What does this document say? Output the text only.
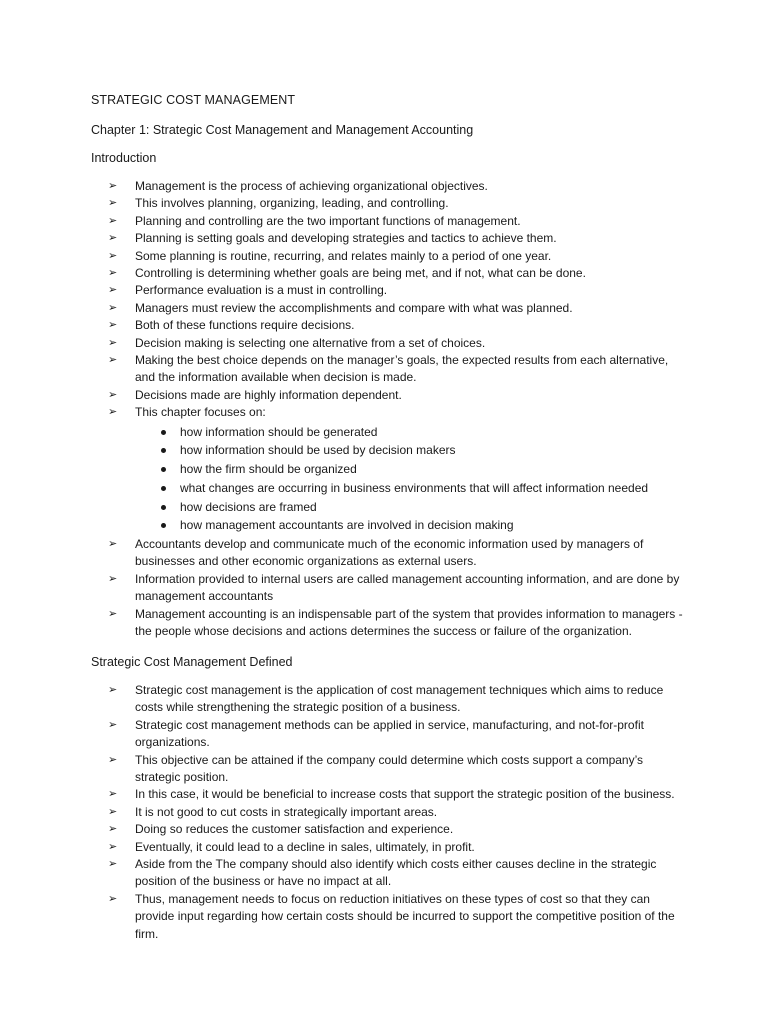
STRATEGIC COST MANAGEMENT
Chapter 1: Strategic Cost Management and Management Accounting
Introduction
➢ Management is the process of achieving organizational objectives.
➢ This involves planning, organizing, leading, and controlling.
➢ Planning and controlling are the two important functions of management.
➢ Planning is setting goals and developing strategies and tactics to achieve them.
➢ Some planning is routine, recurring, and relates mainly to a period of one year.
➢ Controlling is determining whether goals are being met, and if not, what can be done.
➢ Performance evaluation is a must in controlling.
➢ Managers must review the accomplishments and compare with what was planned.
➢ Both of these functions require decisions.
➢ Decision making is selecting one alternative from a set of choices.
➢ Making the best choice depends on the manager’s goals, the expected results from each alternative, and the information available when decision is made.
➢ Decisions made are highly information dependent.
➢ This chapter focuses on:
how information should be generated
how information should be used by decision makers
how the firm should be organized
what changes are occurring in business environments that will affect information needed
how decisions are framed
how management accountants are involved in decision making
➢ Accountants develop and communicate much of the economic information used by managers of businesses and other economic organizations as external users.
➢ Information provided to internal users are called management accounting information, and are done by management accountants
➢ Management accounting is an indispensable part of the system that provides information to managers - the people whose decisions and actions determines the success or failure of the organization.
Strategic Cost Management Defined
➢ Strategic cost management is the application of cost management techniques which aims to reduce costs while strengthening the strategic position of a business.
➢ Strategic cost management methods can be applied in service, manufacturing, and not-for-profit organizations.
➢ This objective can be attained if the company could determine which costs support a company’s strategic position.
➢ In this case, it would be beneficial to increase costs that support the strategic position of the business.
➢ It is not good to cut costs in strategically important areas.
➢ Doing so reduces the customer satisfaction and experience.
➢ Eventually, it could lead to a decline in sales, ultimately, in profit.
➢ Aside from the The company should also identify which costs either causes decline in the strategic position of the business or have no impact at all.
➢ Thus, management needs to focus on reduction initiatives on these types of cost so that they can provide input regarding how certain costs should be incurred to support the competitive position of the firm.
